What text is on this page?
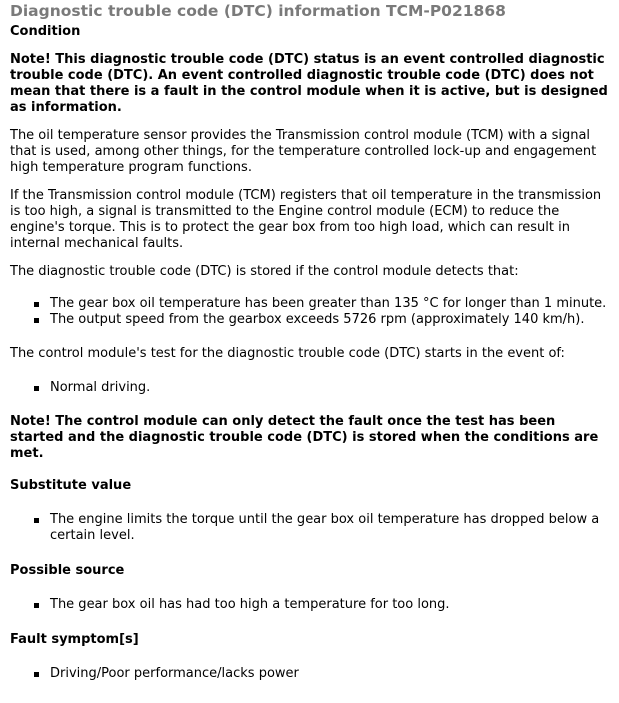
Diagnostic trouble code (DTC) information TCM-P021868
Condition

Note! This diagnostic trouble code (DTC) status is an event controlled diagnostic trouble code (DTC). An event controlled diagnostic trouble code (DTC) does not mean that there is a fault in the control module when it is active, but is designed as information.

The oil temperature sensor provides the Transmission control module (TCM) with a signal that is used, among other things, for the temperature controlled lock-up and engagement high temperature program functions.

If the Transmission control module (TCM) registers that oil temperature in the transmission is too high, a signal is transmitted to the Engine control module (ECM) to reduce the engine's torque. This is to protect the gear box from too high load, which can result in internal mechanical faults.

The diagnostic trouble code (DTC) is stored if the control module detects that:

The gear box oil temperature has been greater than 135 °C for longer than 1 minute.
The output speed from the gearbox exceeds 5726 rpm (approximately 140 km/h).

The control module's test for the diagnostic trouble code (DTC) starts in the event of:

Normal driving.

Note! The control module can only detect the fault once the test has been started and the diagnostic trouble code (DTC) is stored when the conditions are met.

Substitute value
The engine limits the torque until the gear box oil temperature has dropped below a certain level.
Possible source
The gear box oil has had too high a temperature for too long.
Fault symptom[s]
Driving/Poor performance/lacks power
